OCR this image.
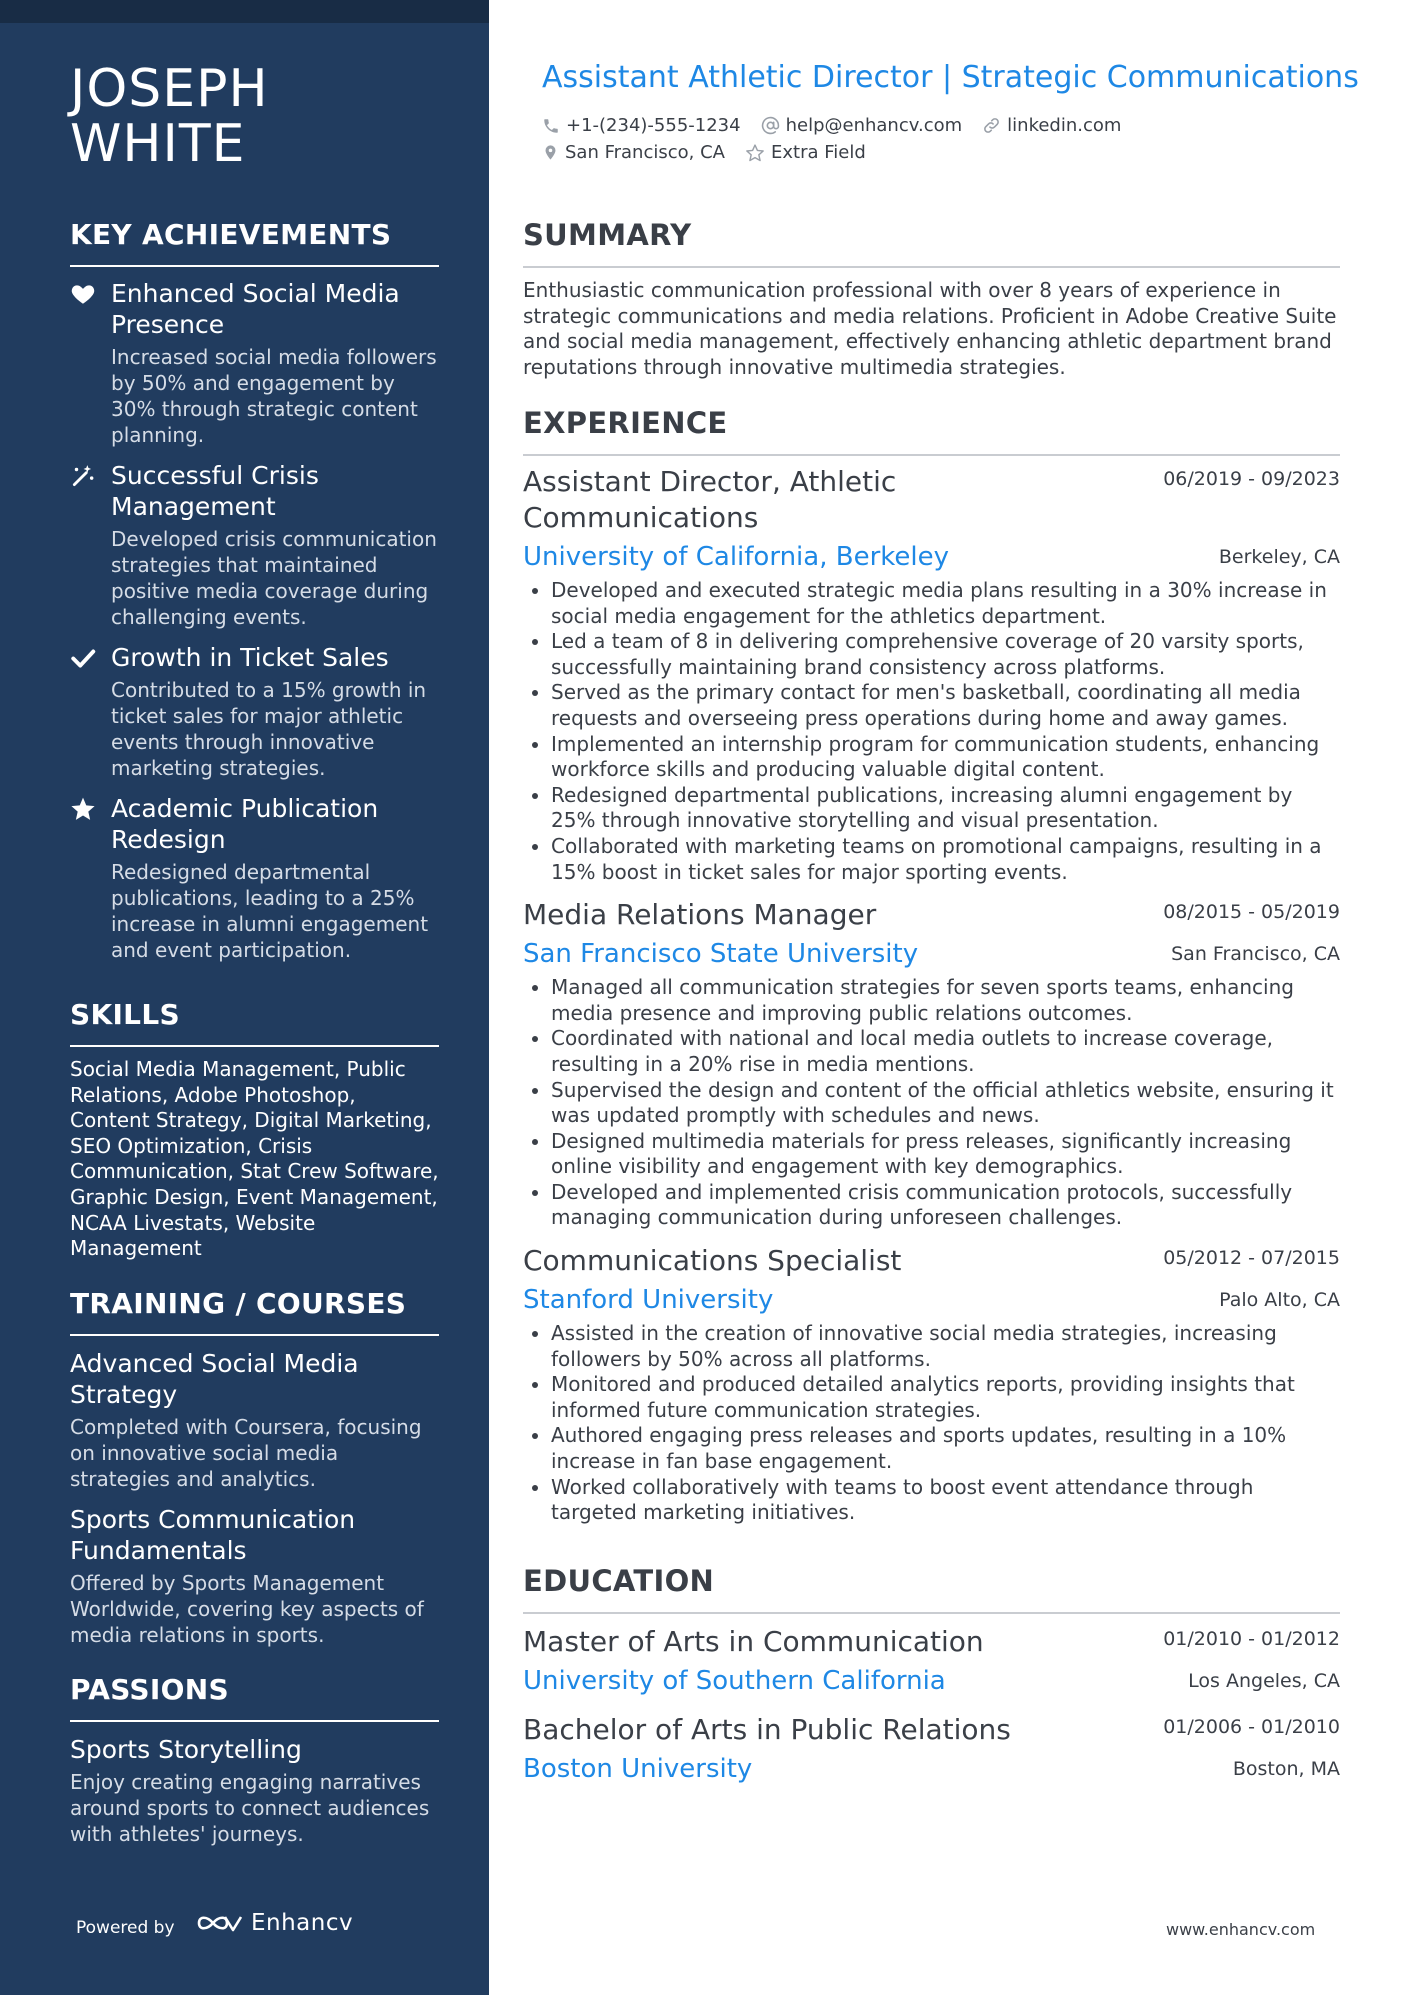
JOSEPH
WHITE
KEY ACHIEVEMENTS
Enhanced Social Media Presence
Increased social media followers by 50% and engagement by 30% through strategic content planning.
Successful Crisis Management
Developed crisis communication strategies that maintained positive media coverage during challenging events.
Growth in Ticket Sales
Contributed to a 15% growth in ticket sales for major athletic events through innovative marketing strategies.
Academic Publication Redesign
Redesigned departmental publications, leading to a 25% increase in alumni engagement and event participation.
SKILLS
Social Media Management, Public Relations, Adobe Photoshop, Content Strategy, Digital Marketing, SEO Optimization, Crisis Communication, Stat Crew Software, Graphic Design, Event Management, NCAA Livestats, Website Management
TRAINING / COURSES
Advanced Social Media Strategy
Completed with Coursera, focusing on innovative social media strategies and analytics.
Sports Communication Fundamentals
Offered by Sports Management Worldwide, covering key aspects of media relations in sports.
PASSIONS
Sports Storytelling
Enjoy creating engaging narratives around sports to connect audiences with athletes' journeys.
Powered by	Enhancv
Assistant Athletic Director | Strategic Communications
+1-(234)-555-1234	help@enhancv.com	linkedin.com
San Francisco, CA	Extra Field
SUMMARY
Enthusiastic communication professional with over 8 years of experience in strategic communications and media relations. Proficient in Adobe Creative Suite and social media management, effectively enhancing athletic department brand reputations through innovative multimedia strategies.
EXPERIENCE
Assistant Director, Athletic Communications
06/2019 - 09/2023
University of California, Berkeley	Berkeley, CA
• Developed and executed strategic media plans resulting in a 30% increase in social media engagement for the athletics department.
• Led a team of 8 in delivering comprehensive coverage of 20 varsity sports, successfully maintaining brand consistency across platforms.
• Served as the primary contact for men's basketball, coordinating all media requests and overseeing press operations during home and away games.
• Implemented an internship program for communication students, enhancing workforce skills and producing valuable digital content.
• Redesigned departmental publications, increasing alumni engagement by 25% through innovative storytelling and visual presentation.
• Collaborated with marketing teams on promotional campaigns, resulting in a 15% boost in ticket sales for major sporting events.
Media Relations Manager	08/2015 - 05/2019
San Francisco State University	San Francisco, CA
• Managed all communication strategies for seven sports teams, enhancing media presence and improving public relations outcomes.
• Coordinated with national and local media outlets to increase coverage, resulting in a 20% rise in media mentions.
• Supervised the design and content of the official athletics website, ensuring it was updated promptly with schedules and news.
• Designed multimedia materials for press releases, significantly increasing online visibility and engagement with key demographics.
• Developed and implemented crisis communication protocols, successfully managing communication during unforeseen challenges.
Communications Specialist	05/2012 - 07/2015
Stanford University	Palo Alto, CA
• Assisted in the creation of innovative social media strategies, increasing followers by 50% across all platforms.
• Monitored and produced detailed analytics reports, providing insights that informed future communication strategies.
• Authored engaging press releases and sports updates, resulting in a 10% increase in fan base engagement.
• Worked collaboratively with teams to boost event attendance through targeted marketing initiatives.
EDUCATION
Master of Arts in Communication	01/2010 - 01/2012
University of Southern California	Los Angeles, CA
Bachelor of Arts in Public Relations	01/2006 - 01/2010
Boston University	Boston, MA
www.enhancv.com
